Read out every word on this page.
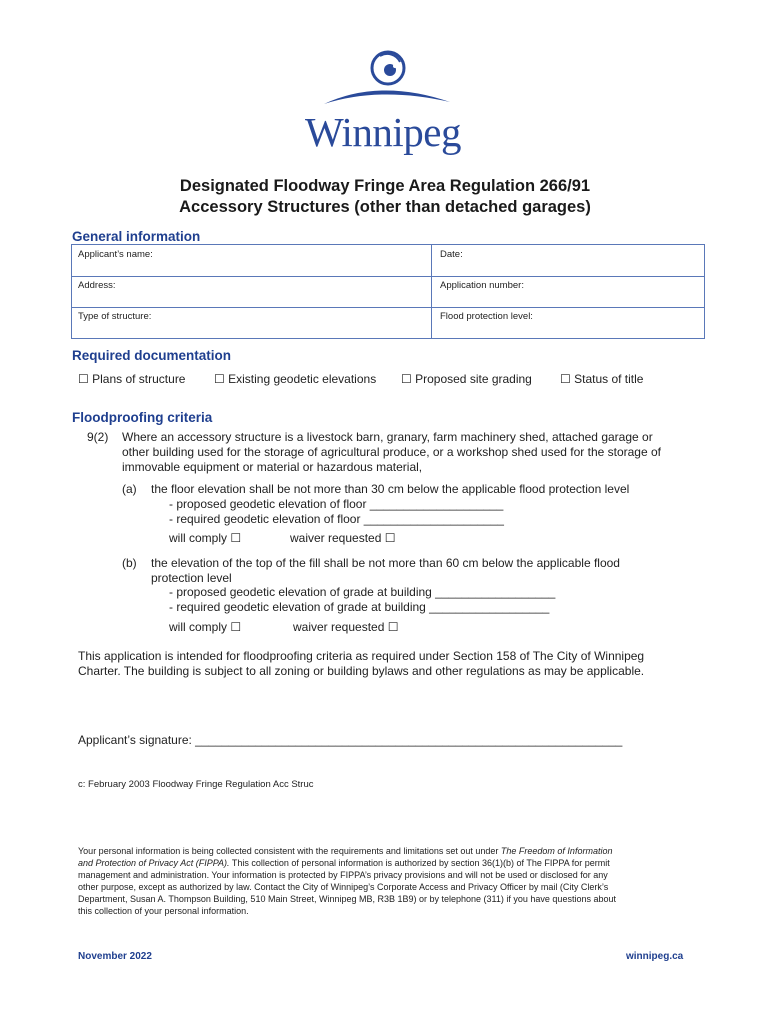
Winnipeg
Designated Floodway Fringe Area Regulation 266/91
Accessory Structures (other than detached garages)
General information
Applicant’s name:	Date:
Address:	Application number:
Type of structure:	Flood protection level:
Required documentation
☐ Plans of structure ☐ Existing geodetic elevations ☐ Proposed site grading ☐ Status of title
Floodproofing criteria
9(2) Where an accessory structure is a livestock barn, granary, farm machinery shed, attached garage or
other building used for the storage of agricultural produce, or a workshop shed used for the storage of
immovable equipment or material or hazardous material,
(a) the floor elevation shall be not more than 30 cm below the applicable flood protection level
- proposed geodetic elevation of floor ____________________
- required geodetic elevation of floor _____________________
will comply ☐	waiver requested ☐
(b) the elevation of the top of the fill shall be not more than 60 cm below the applicable flood
protection level
- proposed geodetic elevation of grade at building __________________
- required geodetic elevation of grade at building __________________
will comply ☐	waiver requested ☐
This application is intended for floodproofing criteria as required under Section 158 of The City of Winnipeg
Charter. The building is subject to all zoning or building bylaws and other regulations as may be applicable.
Applicant’s signature: ________________________________________________________________
c: February 2003 Floodway Fringe Regulation Acc Struc
Your personal information is being collected consistent with the requirements and limitations set out under The Freedom of Information
and Protection of Privacy Act (FIPPA). This collection of personal information is authorized by section 36(1)(b) of The FIPPA for permit
management and administration. Your information is protected by FIPPA’s privacy provisions and will not be used or disclosed for any
other purpose, except as authorized by law. Contact the City of Winnipeg’s Corporate Access and Privacy Officer by mail (City Clerk’s
Department, Susan A. Thompson Building, 510 Main Street, Winnipeg MB, R3B 1B9) or by telephone (311) if you have questions about
this collection of your personal information.
November 2022	winnipeg.ca
